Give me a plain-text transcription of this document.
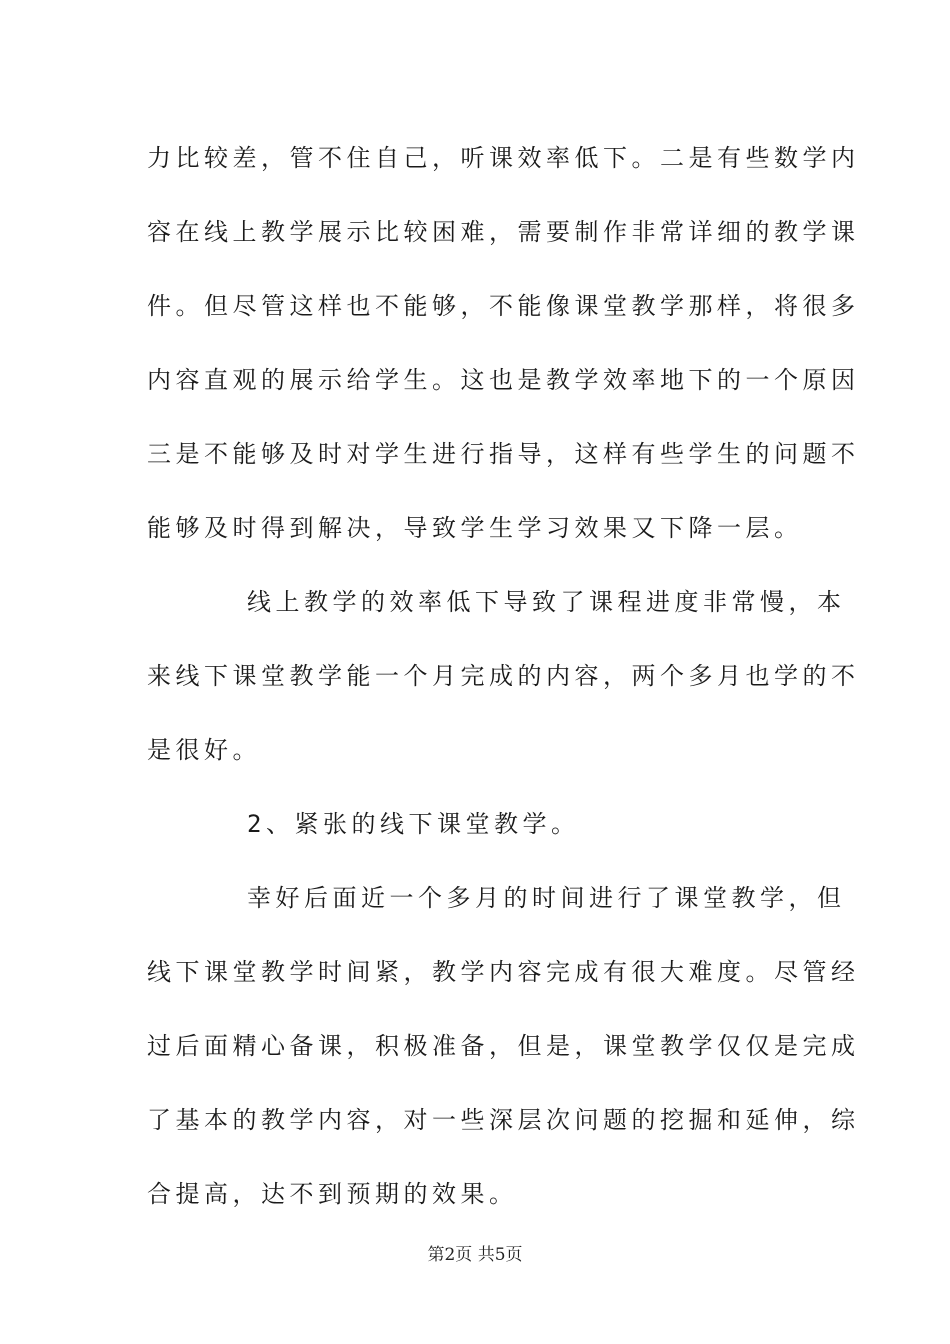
力比较差，管不住自己，听课效率低下。二是有些数学内
容在线上教学展示比较困难，需要制作非常详细的教学课
件。但尽管这样也不能够，不能像课堂教学那样，将很多
内容直观的展示给学生。这也是教学效率地下的一个原因
三是不能够及时对学生进行指导，这样有些学生的问题不
能够及时得到解决，导致学生学习效果又下降一层。
线上教学的效率低下导致了课程进度非常慢，本
来线下课堂教学能一个月完成的内容，两个多月也学的不
是很好。
2、紧张的线下课堂教学。
幸好后面近一个多月的时间进行了课堂教学，但
线下课堂教学时间紧，教学内容完成有很大难度。尽管经
过后面精心备课，积极准备，但是，课堂教学仅仅是完成
了基本的教学内容，对一些深层次问题的挖掘和延伸，综
合提高，达不到预期的效果。
第2页 共5页
